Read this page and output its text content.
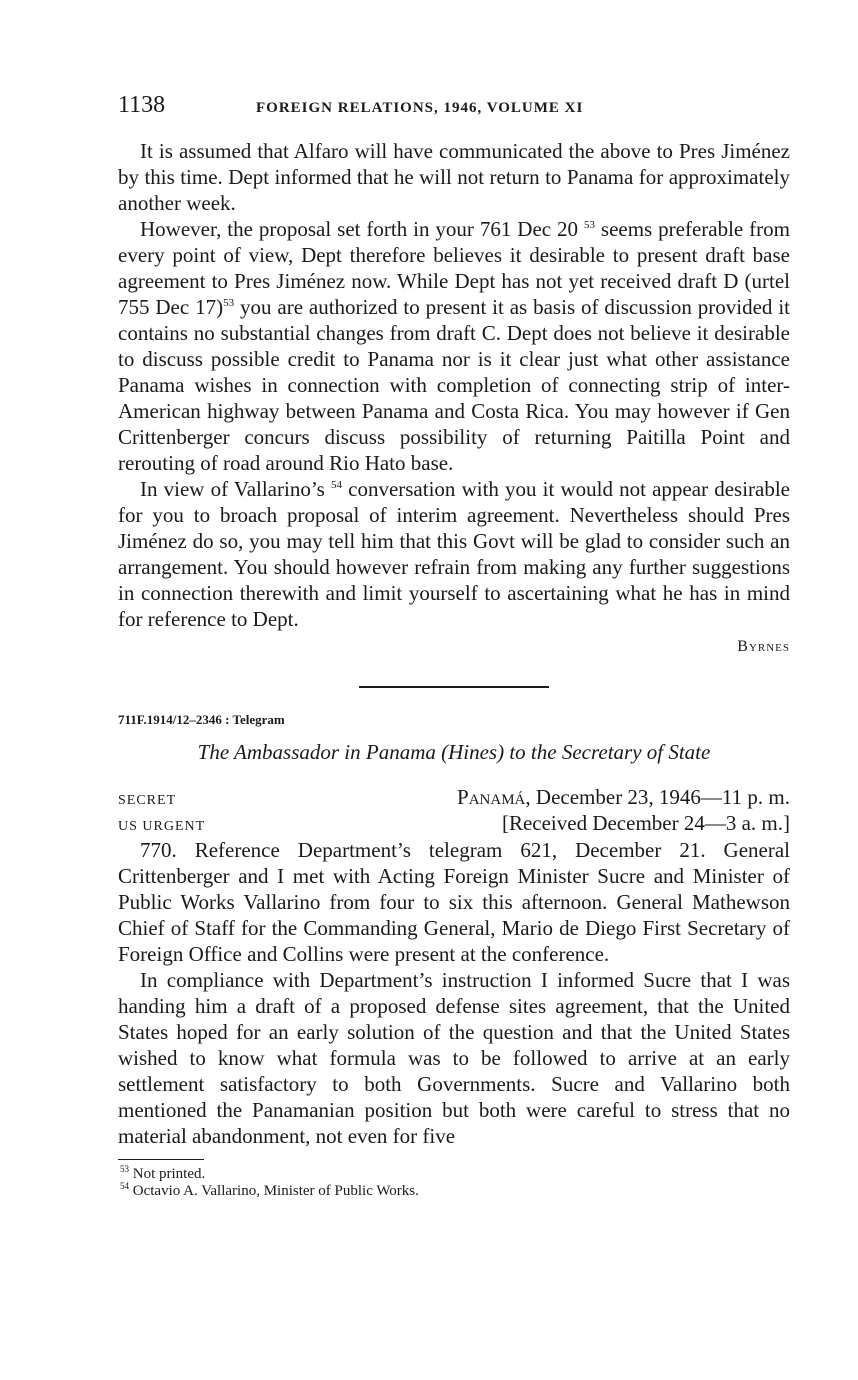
1138	FOREIGN RELATIONS, 1946, VOLUME XI

It is assumed that Alfaro will have communicated the above to Pres Jiménez by this time. Dept informed that he will not return to Panama for approximately another week.

However, the proposal set forth in your 761 Dec 20 $^{53}$ seems preferable from every point of view, Dept therefore believes it desirable to present draft base agreement to Pres Jiménez now. While Dept has not yet received draft D (urtel 755 Dec 17)$^{53}$ you are authorized to present it as basis of discussion provided it contains no substantial changes from draft C. Dept does not believe it desirable to discuss possible credit to Panama nor is it clear just what other assistance Panama wishes in connection with completion of connecting strip of inter-American highway between Panama and Costa Rica. You may however if Gen Crittenberger concurs discuss possibility of returning Paitilla Point and rerouting of road around Rio Hato base.

In view of Vallarino’s $^{54}$ conversation with you it would not appear desirable for you to broach proposal of interim agreement. Nevertheless should Pres Jiménez do so, you may tell him that this Govt will be glad to consider such an arrangement. You should however refrain from making any further suggestions in connection therewith and limit yourself to ascertaining what he has in mind for reference to Dept.

Byrnes
711F.1914/12–2346 : Telegram
The Ambassador in Panama (Hines) to the Secretary of State
SECRET	Panamá, December 23, 1946—11 p. m.
US URGENT	[Received December 24—3 a. m.]

770. Reference Department’s telegram 621, December 21. General Crittenberger and I met with Acting Foreign Minister Sucre and Minister of Public Works Vallarino from four to six this afternoon. General Mathewson Chief of Staff for the Commanding General, Mario de Diego First Secretary of Foreign Office and Collins were present at the conference.

In compliance with Department’s instruction I informed Sucre that I was handing him a draft of a proposed defense sites agreement, that the United States hoped for an early solution of the question and that the United States wished to know what formula was to be followed to arrive at an early settlement satisfactory to both Governments. Sucre and Vallarino both mentioned the Panamanian position but both were careful to stress that no material abandonment, not even for five

$^{53}$ Not printed.
$^{54}$ Octavio A. Vallarino, Minister of Public Works.
